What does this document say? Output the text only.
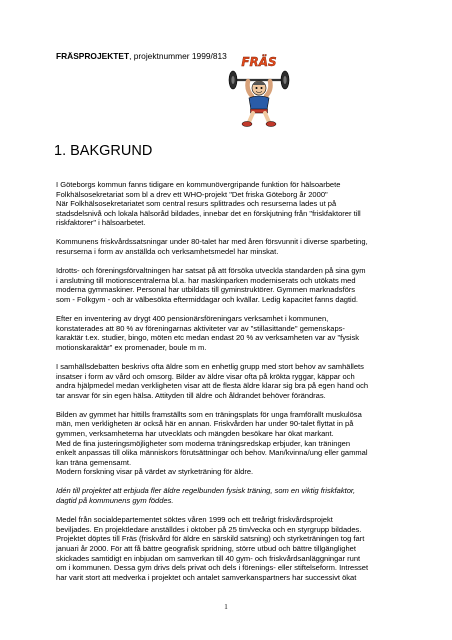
FRÄSPROJEKTET, projektnummer 1999/813 FRÄS
1. BAKGRUND
I Göteborgs kommun fanns tidigare en kommunövergripande funktion för hälsoarbete
Folkhälsosekretariat som bl a drev ett WHO-projekt "Det friska Göteborg år 2000"
När Folkhälsosekretariatet som central resurs splittrades och resurserna lades ut på
stadsdelsnivå och lokala hälsoråd bildades, innebar det en förskjutning från "friskfaktorer till
riskfaktorer" i hälsoarbetet.
Kommunens friskvårdssatsningar under 80-talet har med åren försvunnit i diverse sparbeting,
resurserna i form av anställda och verksamhetsmedel har minskat.
Idrotts- och föreningsförvaltningen har satsat på att försöka utveckla standarden på sina gym
i anslutning till motionscentralerna bl.a. har maskinparken moderniserats och utökats med
moderna gymmaskiner. Personal har utbildats till gyminstruktörer. Gymmen marknadsförs
som - Folkgym - och är välbesökta eftermiddagar och kvällar. Ledig kapacitet fanns dagtid.
Efter en inventering av drygt 400 pensionärsföreningars verksamhet i kommunen,
konstaterades att 80 % av föreningarnas aktiviteter var av "stillasittande" gemenskaps-
karaktär t.ex. studier, bingo, möten etc medan endast 20 % av verksamheten var av "fysisk
motionskaraktär" ex promenader, boule m m.
I samhällsdebatten beskrivs ofta äldre som en enhetlig grupp med stort behov av samhällets
insatser i form av vård och omsorg. Bilder av äldre visar ofta på krökta ryggar, käppar och
andra hjälpmedel medan verkligheten visar att de flesta äldre klarar sig bra på egen hand och
tar ansvar för sin egen hälsa. Attityden till äldre och åldrandet behöver förändras.
Bilden av gymmet har hittills framställts som en träningsplats för unga framförallt muskulösa
män, men verkligheten är också här en annan. Friskvården har under 90-talet flyttat in på
gymmen, verksamheterna har utvecklats och mängden besökare har ökat markant.
Med de fina justeringsmöjligheter som moderna träningsredskap erbjuder, kan träningen
enkelt anpassas till olika människors förutsättningar och behov. Man/kvinna/ung eller gammal
kan träna gemensamt.
Modern forskning visar på värdet av styrketräning för äldre.
Idén till projektet att erbjuda fler äldre regelbunden fysisk träning, som en viktig friskfaktor,
dagtid på kommunens gym föddes.
Medel från socialdepartementet söktes våren 1999 och ett treårigt friskvårdsprojekt
beviljades. En projektledare anställdes i oktober på 25 tim/vecka och en styrgrupp bildades.
Projektet döptes till Fräs (friskvård för äldre en särskild satsning) och styrketräningen tog fart
januari år 2000. För att få bättre geografisk spridning, större utbud och bättre tillgänglighet
skickades samtidigt en inbjudan om samverkan till 40 gym- och friskvårdsanläggningar runt
om i kommunen. Dessa gym drivs dels privat och dels i förenings- eller stiftelseform. Intresset
har varit stort att medverka i projektet och antalet samverkanspartners har successivt ökat
1
